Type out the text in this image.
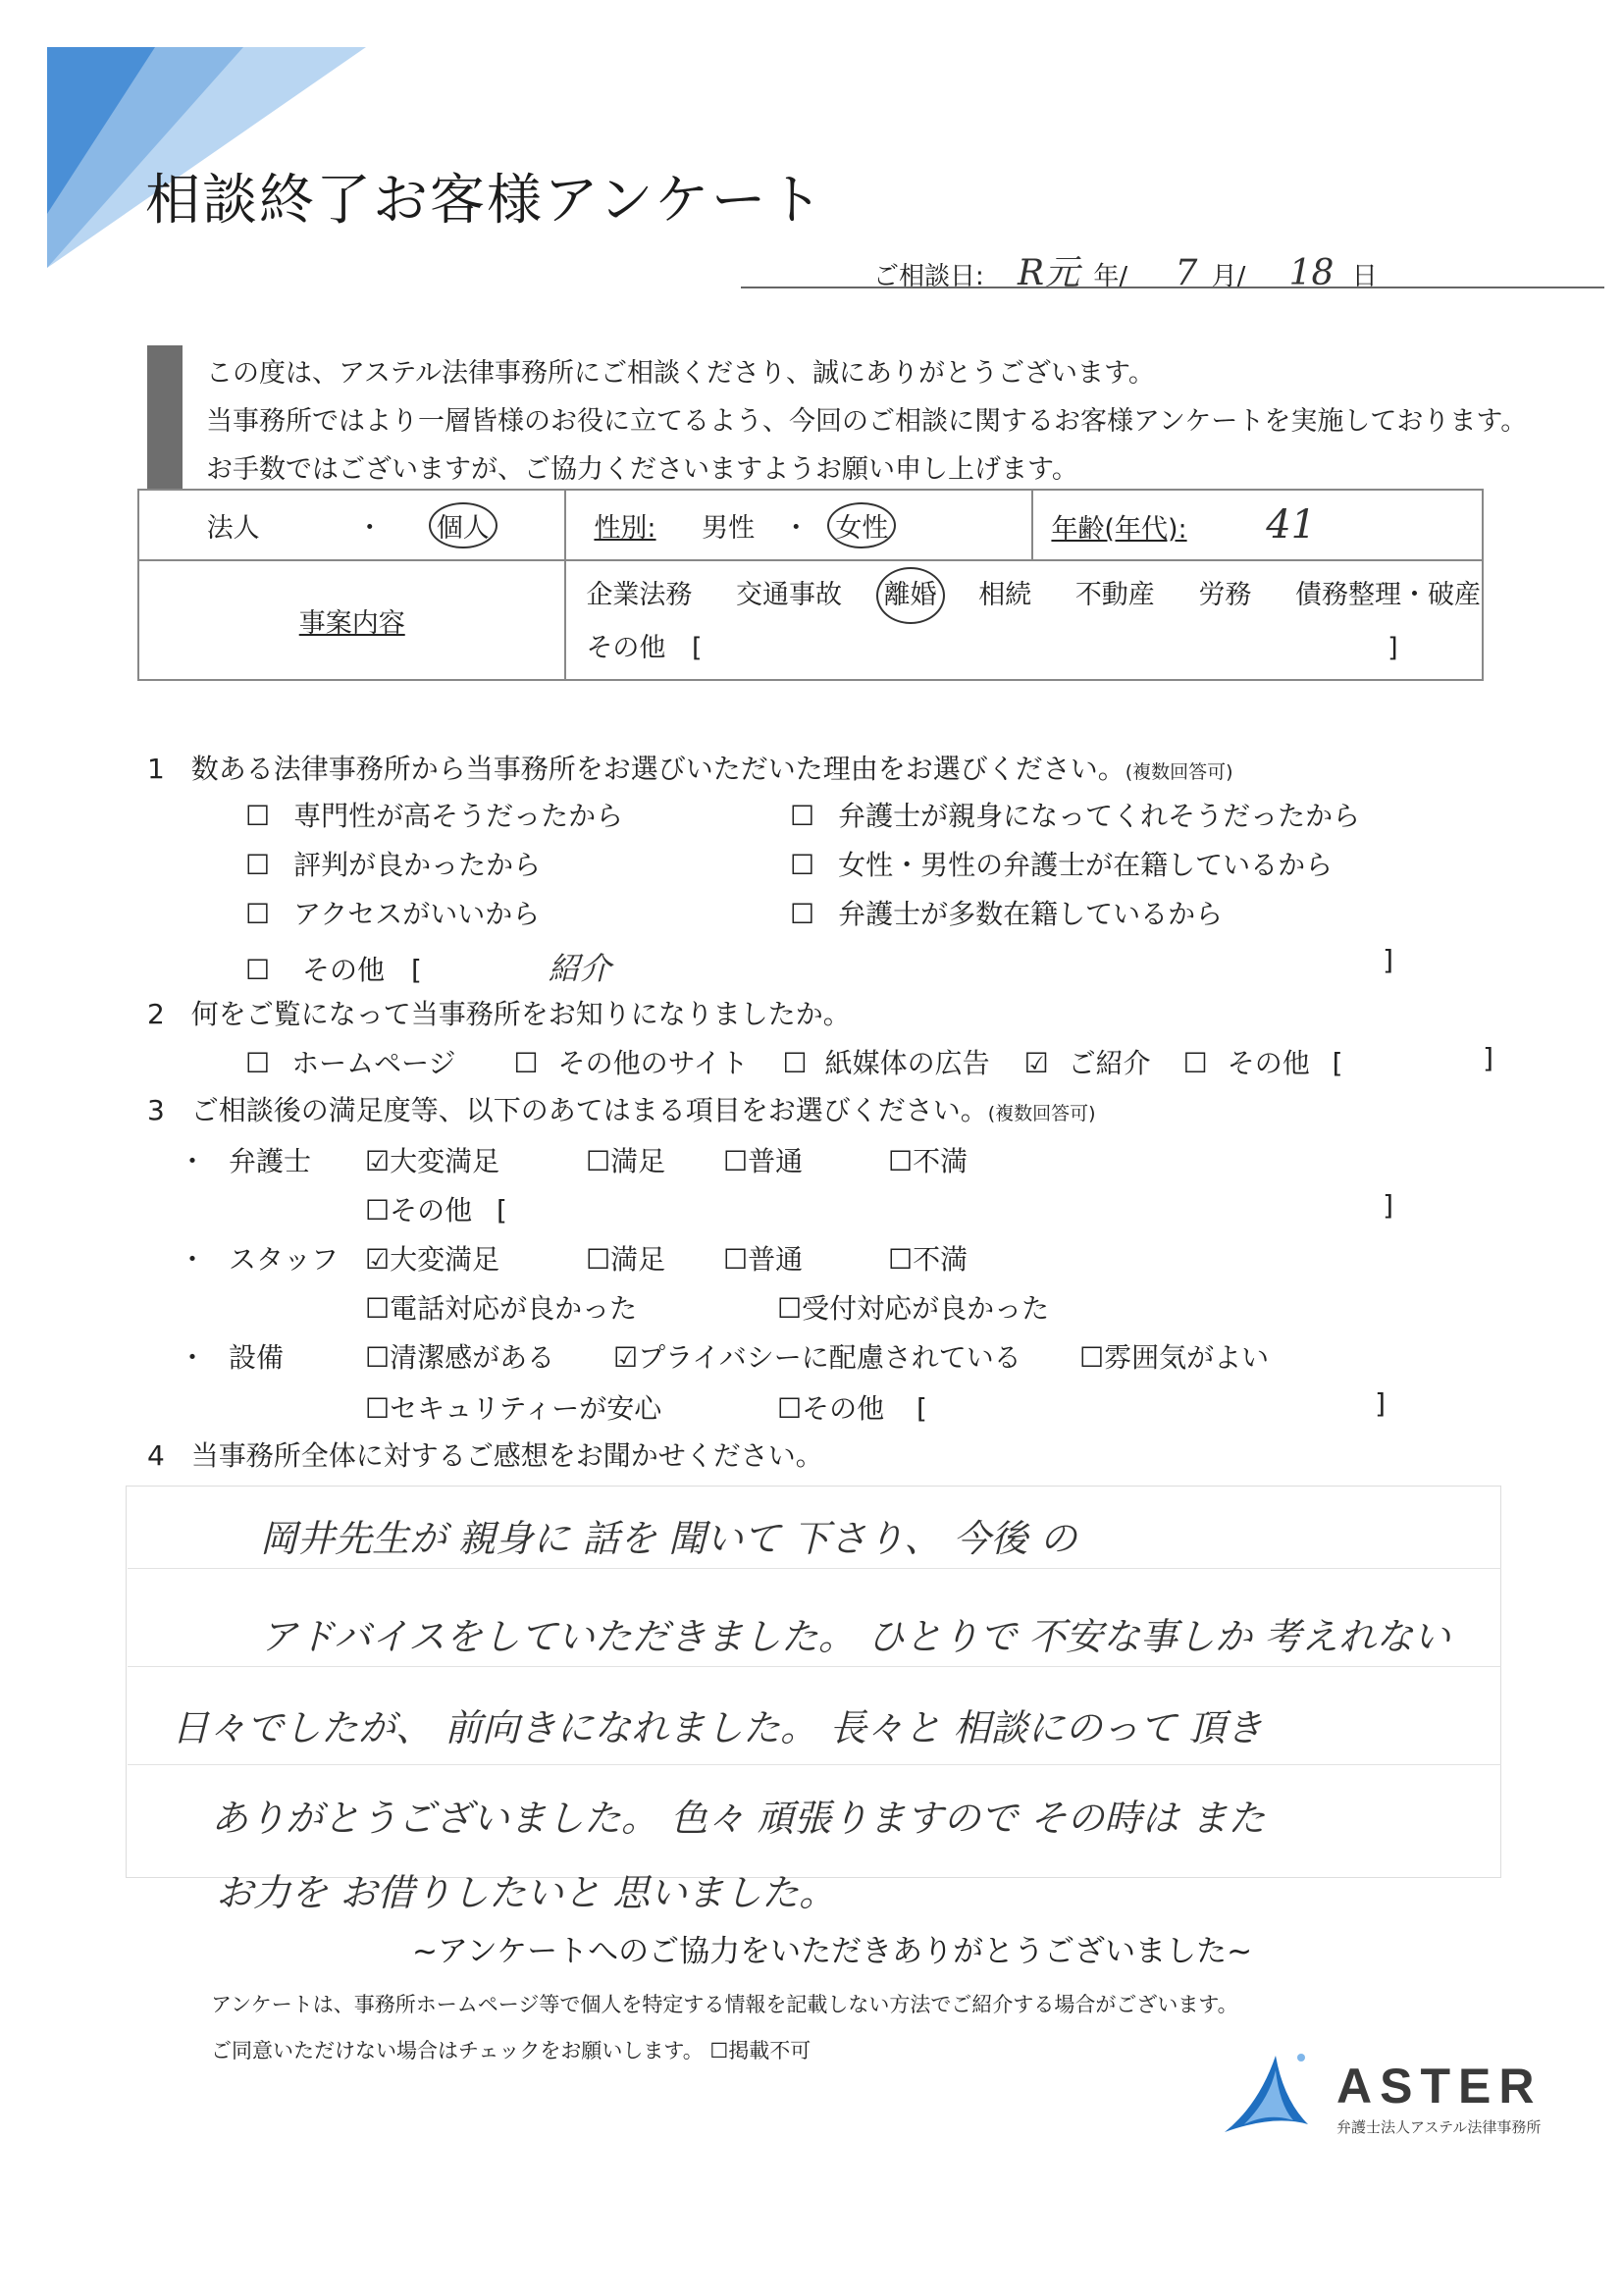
相談終了お客様アンケート
ご相談日: R元 年/ 7 月/ 18 日
この度は、アステル法律事務所にご相談くださり、誠にありがとうございます。
当事務所ではより一層皆様のお役に立てるよう、今回のご相談に関するお客様アンケートを実施しております。
お手数ではございますが、ご協力くださいますようお願い申し上げます。
法人 ・ 個人	性別: 男性 ・ 女性	年齢(年代): 41
事案内容	企業法務 交通事故 離婚 相続 不動産 労務 債務整理・破産
その他 [ ]	
1 数ある法律事務所から当事務所をお選びいただいた理由をお選びください。(複数回答可)
☐ 専門性が高そうだったから
☐ 評判が良かったから
☐ アクセスがいいから
☐ 弁護士が親身になってくれそうだったから
☐ 女性・男性の弁護士が在籍しているから
☐ 弁護士が多数在籍しているから
☐ その他 [	紹介	]
2 何をご覧になって当事務所をお知りになりましたか。
☐ ホームページ ☐ その他のサイト ☐ 紙媒体の広告 ☑ ご紹介 ☐ その他 [	]
3 ご相談後の満足度等、以下のあてはまる項目をお選びください。(複数回答可)
・ 弁護士 ☑大変満足	☐満足 ☐普通	☐不満
☐その他 [	]
・ スタッフ ☑大変満足	☐満足 ☐普通	☐不満
☐電話対応が良かった	☐受付対応が良かった
・ 設備	☐清潔感がある ☑プライバシーに配慮されている ☐雰囲気がよい
☐セキュリティーが安心	☐その他 [	]
4 当事務所全体に対するご感想をお聞かせください。
岡井先生が 親身に 話を 聞いて 下さり、 今後 の
アドバイスをしていただきました。 ひとりで 不安な事しか 考えれない
日々でしたが、 前向きになれました。 長々と 相談にのって 頂き
ありがとうございました。 色々 頑張りますので その時は また
お力を お借りしたいと 思いました。
~アンケートへのご協力をいただきありがとうございました~
アンケートは、事務所ホームページ等で個人を特定する情報を記載しない方法でご紹介する場合がございます。
ご同意いただけない場合はチェックをお願いします。 ☐掲載不可
ASTER
弁護士法人アステル法律事務所
